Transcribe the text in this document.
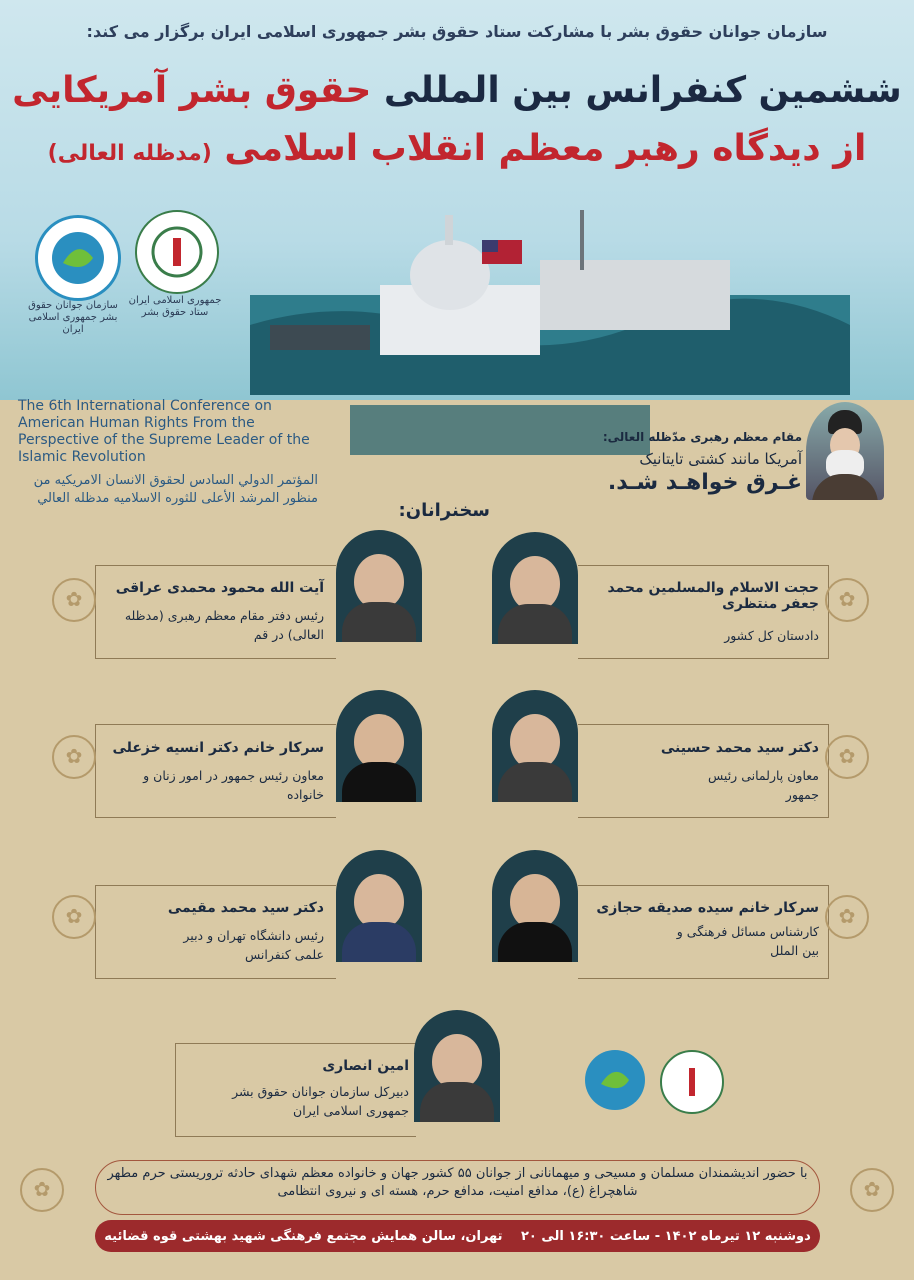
سازمان جوانان حقوق بشر با مشارکت ستاد حقوق بشر جمهوری اسلامی ایران برگزار می کند:
ششمین کنفرانس بین المللی حقوق بشر آمریکایی
از دیدگاه رهبر معظم انقلاب اسلامی (مدظله العالی)
سازمان جوانان حقوق بشر جمهوری اسلامی ایران
جمهوری اسلامی ایران ستاد حقوق بشر
The 6th International Conference on American Human Rights From the Perspective of the Supreme Leader of the Islamic Revolution
المؤتمر الدولي السادس لحقوق الانسان الامريكيه من منظور المرشد الأعلى للثوره الاسلاميه مدظله العالي
مقام معظم رهبری مدّظله العالی:
آمریکا مانند کشتی تایتانیک
غـرق خواهـد شـد.
سخنرانان:
حجت الاسلام والمسلمین محمد جعفر منتظری
دادستان کل کشور
✿
آیت الله محمود محمدی عراقی
رئیس دفتر مقام معظم رهبری (مدظله العالی) در قم
✿
دکتر سید محمد حسینی
معاون پارلمانی رئیس جمهور
✿
سرکار خانم دکتر انسیه خزعلی
معاون رئیس جمهور در امور زنان و خانواده
✿
سرکار خانم سیده صدیقه حجازی
کارشناس مسائل فرهنگی و بین الملل
✿
دکتر سید محمد مقیمی
رئیس دانشگاه تهران و دبیر علمی کنفرانس
✿
امین انصاری
دبیرکل سازمان جوانان حقوق بشر جمهوری اسلامی ایران
✿	✿
با حضور اندیشمندان مسلمان و مسیحی و میهمانانی از جوانان ۵۵ کشور جهان و خانواده معظم شهدای حادثه تروریستی حرم مطهر شاهچراغ (ع)، مدافع امنیت، مدافع حرم، هسته ای و نیروی انتظامی
دوشنبه ۱۲ تیرماه ۱۴۰۲ - ساعت ۱۶:۳۰ الی ۲۰
تهران، سالن همایش مجتمع فرهنگی شهید بهشتی قوه قضائیه
